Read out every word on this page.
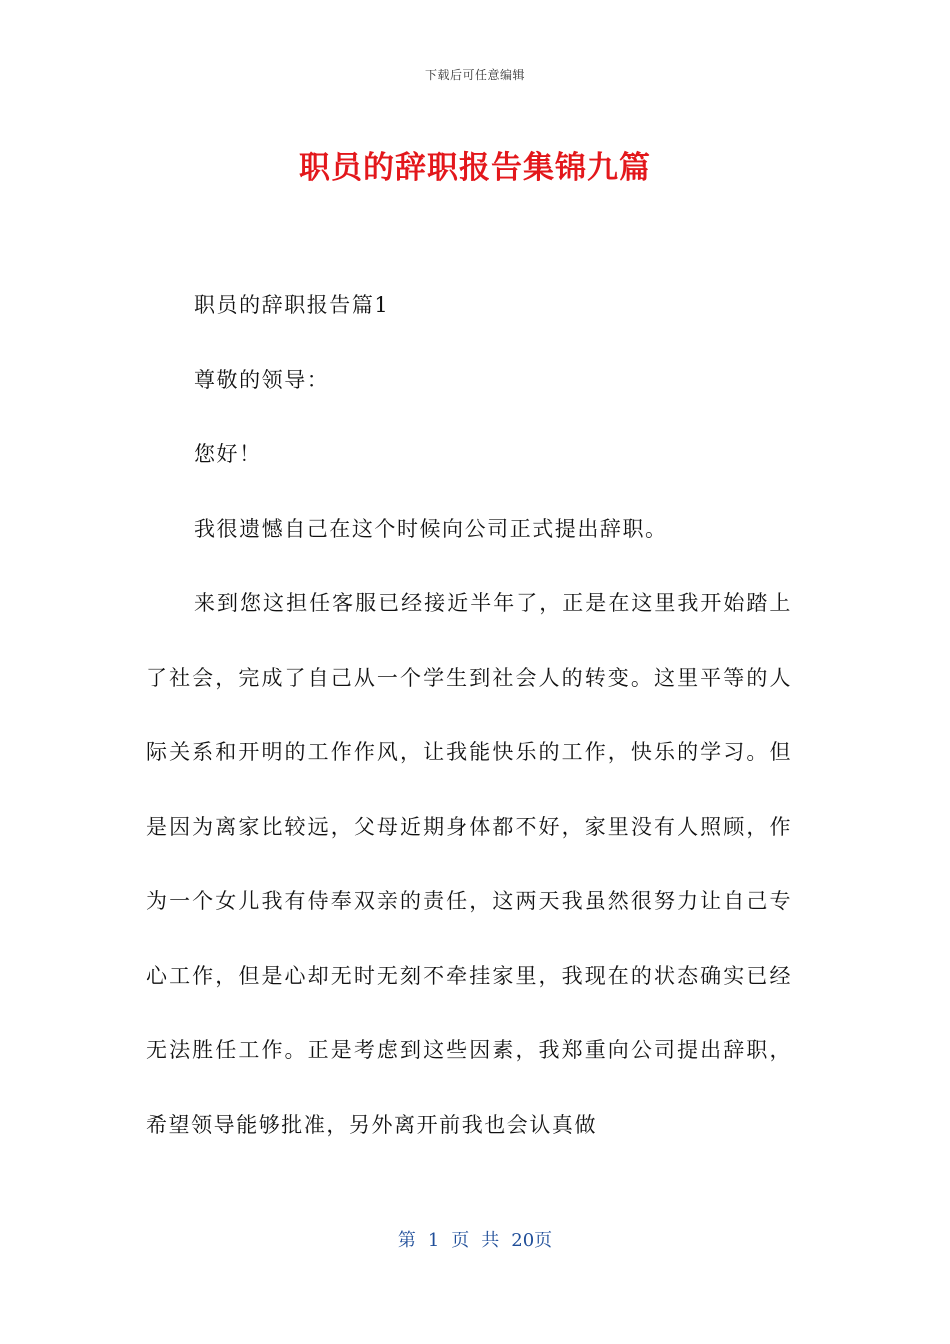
下载后可任意编辑
职员的辞职报告集锦九篇

职员的辞职报告篇1

尊敬的领导：

您好！

我很遗憾自己在这个时候向公司正式提出辞职。

来到您这担任客服已经接近半年了，正是在这里我开始踏上了社会，完成了自己从一个学生到社会人的转变。这里平等的人际关系和开明的工作作风，让我能快乐的工作，快乐的学习。但是因为离家比较远，父母近期身体都不好，家里没有人照顾，作为一个女儿我有侍奉双亲的责任，这两天我虽然很努力让自己专心工作，但是心却无时无刻不牵挂家里，我现在的状态确实已经无法胜任工作。正是考虑到这些因素，我郑重向公司提出辞职，希望领导能够批准，另外离开前我也会认真做

第 1 页 共 20页
